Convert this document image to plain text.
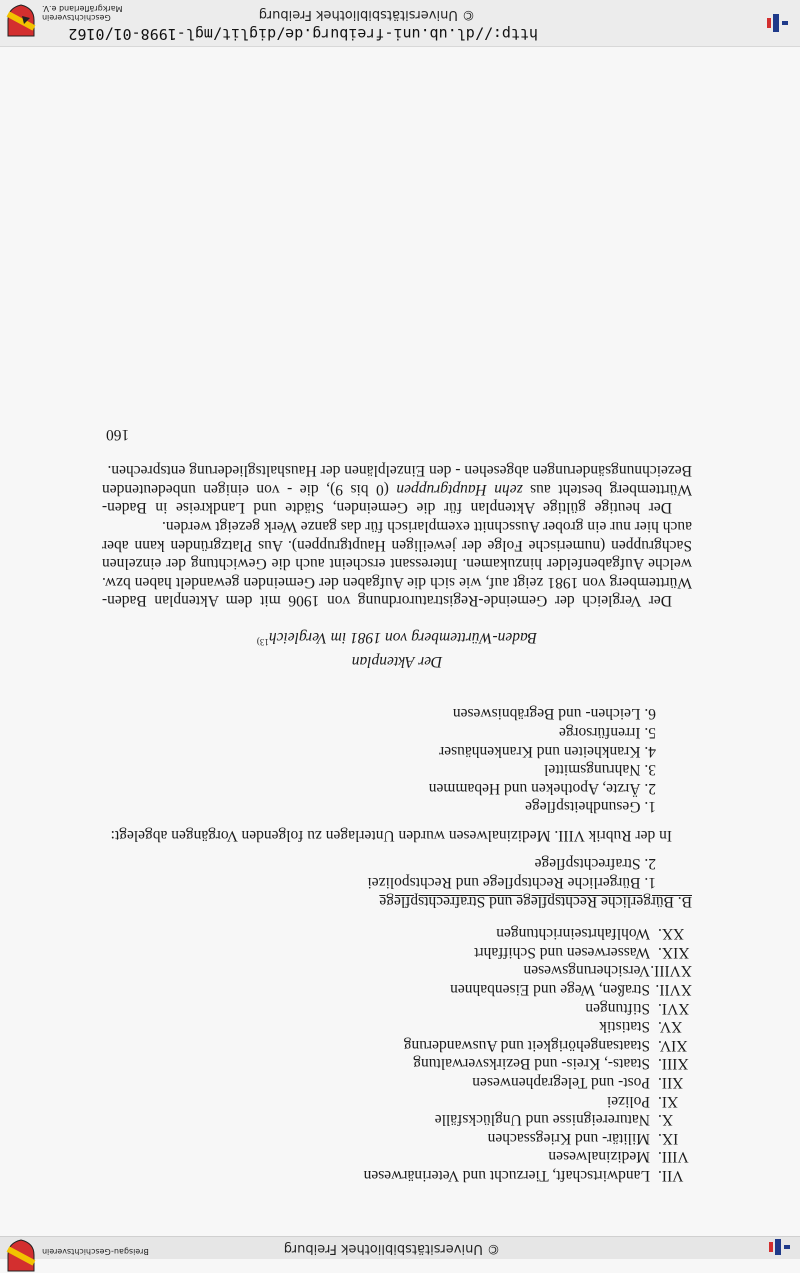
© Universitätsbibliothek Freiburg
Breisgau-Geschichtsverein
VII.
Landwirtschaft, Tierzucht und Veterinärwesen
VIII.
Medizinalwesen
IX.
Militär- und Kriegssachen
X.
Naturereignisse und Unglücksfälle
XI.
Polizei
XII.
Post- und Telegraphenwesen
XIII.
Staats-, Kreis- und Bezirksverwaltung
XIV.
Staatsangehörigkeit und Auswanderung
XV.
Statistik
XVI.
Stiftungen
XVII.
Straßen, Wege und Eisenbahnen
XVIII.
Versicherungswesen
XIX.
Wasserwesen und Schiffahrt
XX.
Wohlfahrtseinrichtungen
B. Bürgerliche Rechtspflege und Strafrechtspflege
1. Bürgerliche Rechtspflege und Rechtspolizei
2. Strafrechtspflege

In der Rubrik VIII. Medizinalwesen wurden Unterlagen zu folgenden Vorgängen abgelegt:

1. Gesundheitspflege
2. Ärzte, Apotheken und Hebammen
3. Nahrungsmittel
4. Krankheiten und Krankenhäuser
5. Irrenfürsorge
6. Leichen- und Begräbniswesen

Der Aktenplan

Baden-Württemberg von 1981 im Vergleich$^{13)}$

Der Vergleich der Gemeinde-Registraturordnung von 1906 mit dem Aktenplan Baden-Württemberg von 1981 zeigt auf, wie sich die Aufgaben der Gemeinden gewandelt haben bzw. welche Aufgabenfelder hinzukamen. Interessant erscheint auch die Gewichtung der einzelnen Sachgruppen (numerische Folge der jeweiligen Hauptgruppen). Aus Platzgründen kann aber auch hier nur ein grober Ausschnitt exemplarisch für das ganze Werk gezeigt werden.

Der heutige gültige Aktenplan für die Gemeinden, Städte und Landkreise in Baden-Württemberg besteht aus zehn Hauptgruppen (0 bis 9), die - von einigen unbedeutenden Bezeichnungsänderungen abgesehen - den Einzelplänen der Haushaltsgliederung entsprechen.

160
http://dl.ub.uni-freiburg.de/diglit/mgl-1998-01/0162
© Universitätsbibliothek Freiburg
Geschichtsverein
Markgräflerland e.V.
